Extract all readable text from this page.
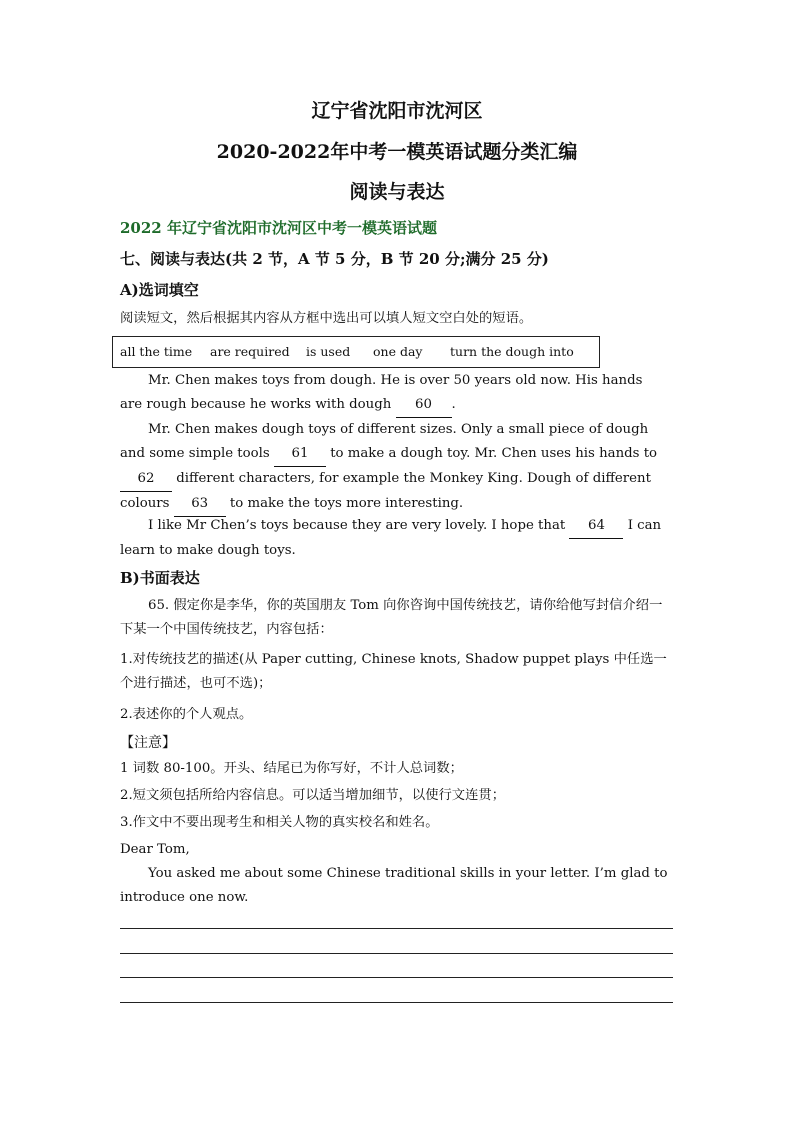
辽宁省沈阳市沈河区
2020-2022年中考一模英语试题分类汇编
阅读与表达
2022 年辽宁省沈阳市沈河区中考一模英语试题
七、阅读与表达(共 2 节，A 节 5 分，B 节 20 分;满分 25 分)
A)选词填空
阅读短文，然后根据其内容从方框中选出可以填人短文空白处的短语。
all the time are required is used one day turn the dough into
Mr. Chen makes toys from dough. He is over 50 years old now. His hands are rough because he works with dough 60 .
Mr. Chen makes dough toys of different sizes. Only a small piece of dough and some simple tools 61 to make a dough toy. Mr. Chen uses his hands to 62 different characters, for example the Monkey King. Dough of different colours 63 to make the toys more interesting.
I like Mr Chen’s toys because they are very lovely. I hope that 64 I can learn to make dough toys.
B)书面表达
65. 假定你是李华，你的英国朋友 Tom 向你咨询中国传统技艺，请你给他写封信介绍一下某一个中国传统技艺，内容包括：
1.对传统技艺的描述(从 Paper cutting, Chinese knots, Shadow puppet plays 中任选一个进行描述，也可不选)；
2.表述你的个人观点。
【注意】
1 词数 80-100。开头、结尾已为你写好，不计人总词数；
2.短文须包括所给内容信息。可以适当增加细节，以使行文连贯；
3.作文中不要出现考生和相关人物的真实校名和姓名。
Dear Tom,
You asked me about some Chinese traditional skills in your letter. I’m glad to introduce one now.
